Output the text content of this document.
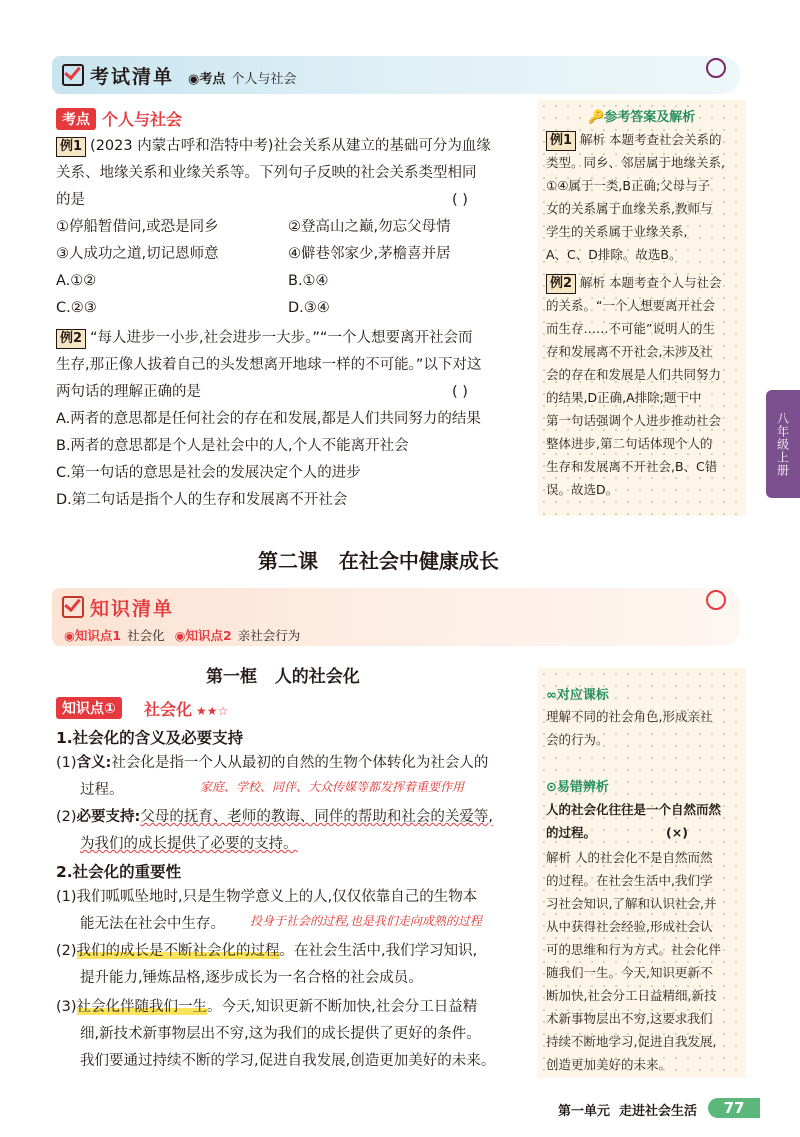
考试清单 ◉考点 个人与社会
考点 个人与社会
例1 (2023 内蒙古呼和浩特中考)社会关系从建立的基础可分为血缘
关系、地缘关系和业缘关系等。下列句子反映的社会关系类型相同
的是	( )
①停船暂借问,或恐是同乡	②登高山之巅,勿忘父母情
③人成功之道,切记恩师意	④僻巷邻家少,茅檐喜并居
A.①②	B.①④
C.②③	D.③④
例2 “每人进步一小步,社会进步一大步。”“一个人想要离开社会而
生存,那正像人拔着自己的头发想离开地球一样的不可能。”以下对这
两句话的理解正确的是	( )
A.两者的意思都是任何社会的存在和发展,都是人们共同努力的结果
B.两者的意思都是个人是社会中的人,个人不能离开社会
C.第一句话的意思是社会的发展决定个人的进步
D.第二句话是指个人的生存和发展离不开社会
🔑参考答案及解析
例1 解析 本题考查社会关系的
类型。同乡、邻居属于地缘关系,
①④属于一类,B正确;父母与子
女的关系属于血缘关系,教师与
学生的关系属于业缘关系,
A、C、D排除。故选B。
例2 解析 本题考查个人与社会
的关系。“一个人想要离开社会
而生存……不可能”说明人的生
存和发展离不开社会,未涉及社
会的存在和发展是人们共同努力
的结果,D正确,A排除;题干中
第一句话强调个人进步推动社会
整体进步,第二句话体现个人的
生存和发展离不开社会,B、C错
误。故选D。
八年级上册
第二课   在社会中健康成长
知识清单
◉知识点1 社会化 ◉知识点2 亲社会行为
第一框   人的社会化
知识点①	社会化 ★★☆
1.社会化的含义及必要支持
(1)含义:社会化是指一个人从最初的自然的生物个体转化为社会人的
过程。	家庭、学校、同伴、大众传媒等都发挥着重要作用
(2)必要支持:父母的抚育、老师的教诲、同伴的帮助和社会的关爱等,
为我们的成长提供了必要的支持。
2.社会化的重要性
(1)我们呱呱坠地时,只是生物学意义上的人,仅仅依靠自己的生物本
能无法在社会中生存。 投身于社会的过程,也是我们走向成熟的过程
(2)我们的成长是不断社会化的过程。在社会生活中,我们学习知识,
提升能力,锤炼品格,逐步成长为一名合格的社会成员。
(3)社会化伴随我们一生。今天,知识更新不断加快,社会分工日益精
细,新技术新事物层出不穷,这为我们的成长提供了更好的条件。
我们要通过持续不断的学习,促进自我发展,创造更加美好的未来。
∞对应课标
理解不同的社会角色,形成亲社
会的行为。
⊙易错辨析
人的社会化往往是一个自然而然
的过程。	(×)
解析 人的社会化不是自然而然
的过程。在社会生活中,我们学
习社会知识,了解和认识社会,并
从中获得社会经验,形成社会认
可的思维和行为方式。社会化伴
随我们一生。今天,知识更新不
断加快,社会分工日益精细,新技
术新事物层出不穷,这要求我们
持续不断地学习,促进自我发展,
创造更加美好的未来。
第一单元  走进社会生活	77
